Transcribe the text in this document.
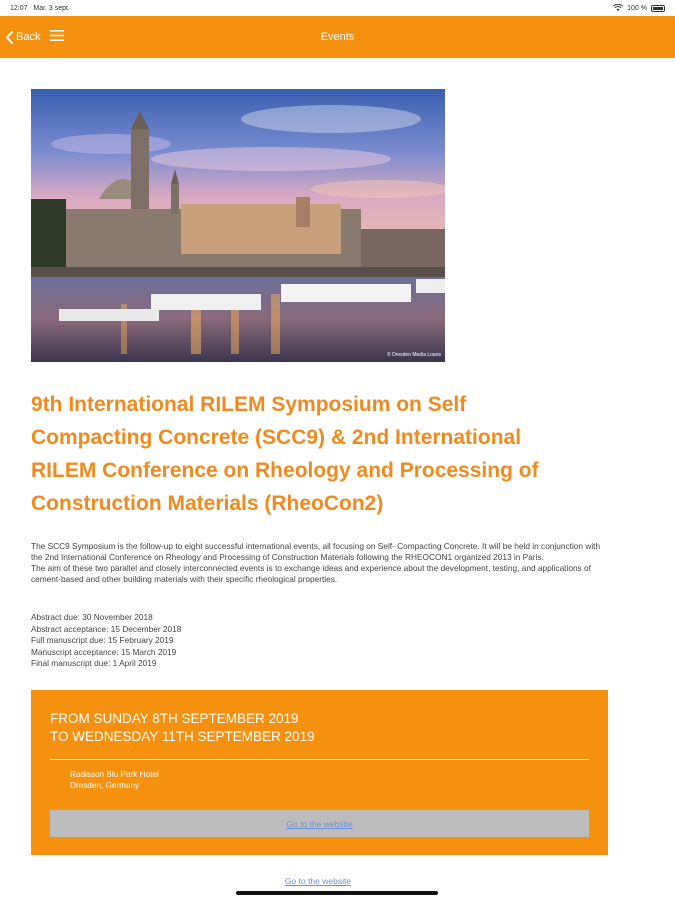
12:07 Mar. 3 sept.	100 %
Back	Events
© Dresden Media Loans
9th International RILEM Symposium on Self Compacting Concrete (SCC9) & 2nd International RILEM Conference on Rheology and Processing of Construction Materials (RheoCon2)

The SCC9 Symposium is the follow-up to eight successful international events, all focusing on Self- Compacting Concrete. It will be held in conjunction with the 2nd International Conference on Rheology and Processing of Construction Materials following the RHEOCON1 organized 2013 in Paris.

The aim of these two parallel and closely interconnected events is to exchange ideas and experience about the development, testing, and applications of cement-based and other building materials with their specific rheological properties.

Abstract due: 30 November 2018
Abstract acceptance: 15 December 2018
Full manuscript due: 15 February 2019
Manuscript acceptance: 15 March 2019
Final manuscript due: 1 April 2019
FROM SUNDAY 8TH SEPTEMBER 2019
TO WEDNESDAY 11TH SEPTEMBER 2019
Radisson Blu Park Hotel
Dresden, Germany
Go to the website
Go to the website
